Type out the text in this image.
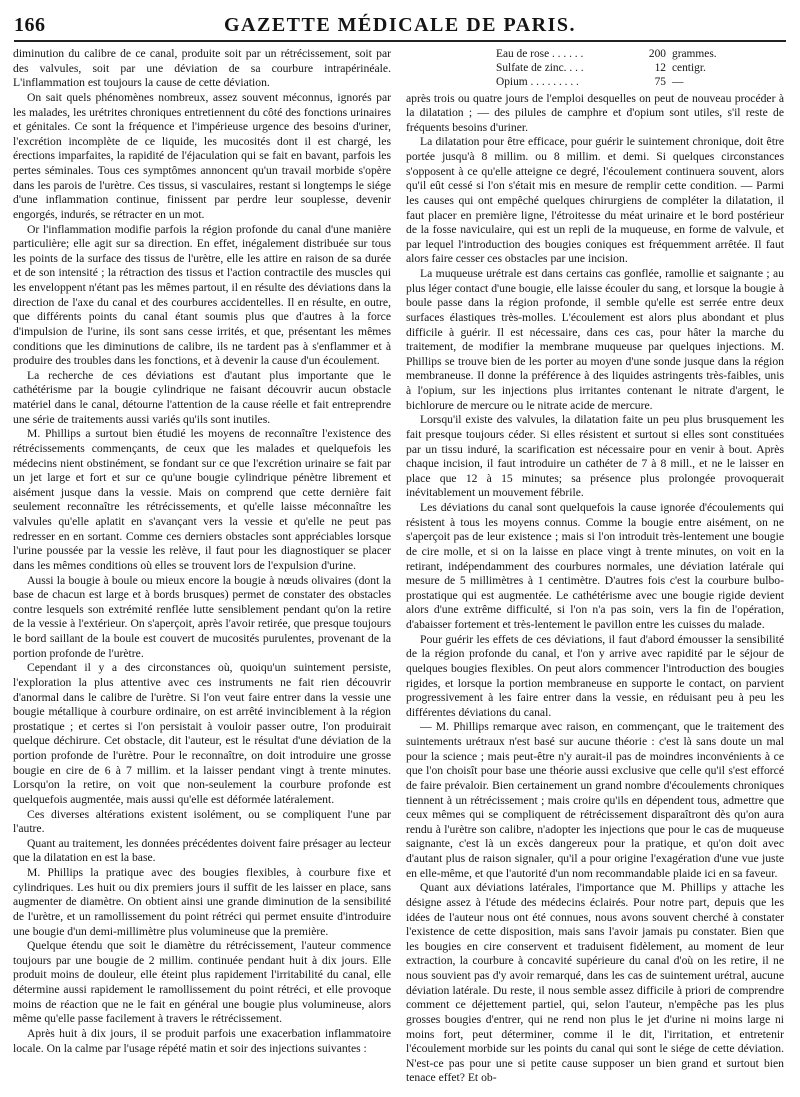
166	GAZETTE MÉDICALE DE PARIS.

diminution du calibre de ce canal, produite soit par un rétrécissement, soit par des valvules, soit par une déviation de sa courbure intrapérinéale. L'inflammation est toujours la cause de cette déviation.

On sait quels phénomènes nombreux, assez souvent méconnus, ignorés par les malades, les urétrites chroniques entretiennent du côté des fonctions urinaires et génitales. Ce sont la fréquence et l'impérieuse urgence des besoins d'uriner, l'excrétion incomplète de ce liquide, les mucosités dont il est chargé, les érections imparfaites, la rapidité de l'éjaculation qui se fait en bavant, parfois les pertes séminales. Tous ces symptômes annoncent qu'un travail morbide s'opère dans les parois de l'urètre. Ces tissus, si vasculaires, restant si longtemps le siége d'une inflammation continue, finissent par perdre leur souplesse, devenir engorgés, indurés, se rétracter en un mot.

Or l'inflammation modifie parfois la région profonde du canal d'une manière particulière; elle agit sur sa direction. En effet, inégalement distribuée sur tous les points de la surface des tissus de l'urètre, elle les attire en raison de sa durée et de son intensité ; la rétraction des tissus et l'action contractile des muscles qui les enveloppent n'étant pas les mêmes partout, il en résulte des déviations dans la direction de l'axe du canal et des courbures accidentelles. Il en résulte, en outre, que différents points du canal étant soumis plus que d'autres à la force d'impulsion de l'urine, ils sont sans cesse irrités, et que, présentant les mêmes conditions que les diminutions de calibre, ils ne tardent pas à s'enflammer et à produire des troubles dans les fonctions, et à devenir la cause d'un écoulement.

La recherche de ces déviations est d'autant plus importante que le cathétérisme par la bougie cylindrique ne faisant découvrir aucun obstacle matériel dans le canal, détourne l'attention de la cause réelle et fait entreprendre une série de traitements aussi variés qu'ils sont inutiles.

M. Phillips a surtout bien étudié les moyens de reconnaître l'existence des rétrécissements commençants, de ceux que les malades et quelquefois les médecins nient obstinément, se fondant sur ce que l'excrétion urinaire se fait par un jet large et fort et sur ce qu'une bougie cylindrique pénètre librement et aisément jusque dans la vessie. Mais on comprend que cette dernière fait seulement reconnaître les rétrécissements, et qu'elle laisse méconnaître les valvules qu'elle aplatit en s'avançant vers la vessie et qu'elle ne peut pas redresser en en sortant. Comme ces derniers obstacles sont appréciables lorsque l'urine poussée par la vessie les relève, il faut pour les diagnostiquer se placer dans les mêmes conditions où elles se trouvent lors de l'expulsion d'urine.

Aussi la bougie à boule ou mieux encore la bougie à nœuds olivaires (dont la base de chacun est large et à bords brusques) permet de constater des obstacles contre lesquels son extrémité renflée lutte sensiblement pendant qu'on la retire de la vessie à l'extérieur. On s'aperçoit, après l'avoir retirée, que presque toujours le bord saillant de la boule est couvert de mucosités purulentes, provenant de la portion profonde de l'urètre.

Cependant il y a des circonstances où, quoiqu'un suintement persiste, l'exploration la plus attentive avec ces instruments ne fait rien découvrir d'anormal dans le calibre de l'urètre. Si l'on veut faire entrer dans la vessie une bougie métallique à courbure ordinaire, on est arrêté invinciblement à la région prostatique ; et certes si l'on persistait à vouloir passer outre, l'on produirait quelque déchirure. Cet obstacle, dit l'auteur, est le résultat d'une déviation de la portion profonde de l'urètre. Pour le reconnaître, on doit introduire une grosse bougie en cire de 6 à 7 millim. et la laisser pendant vingt à trente minutes. Lorsqu'on la retire, on voit que non-seulement la courbure profonde est quelquefois augmentée, mais aussi qu'elle est déformée latéralement.

Ces diverses altérations existent isolément, ou se compliquent l'une par l'autre.

Quant au traitement, les données précédentes doivent faire présager au lecteur que la dilatation en est la base.

M. Phillips la pratique avec des bougies flexibles, à courbure fixe et cylindriques. Les huit ou dix premiers jours il suffit de les laisser en place, sans augmenter de diamètre. On obtient ainsi une grande diminution de la sensibilité de l'urètre, et un ramollissement du point rétréci qui permet ensuite d'introduire une bougie d'un demi-millimètre plus volumineuse que la première.

Quelque étendu que soit le diamètre du rétrécissement, l'auteur commence toujours par une bougie de 2 millim. continuée pendant huit à dix jours. Elle produit moins de douleur, elle éteint plus rapidement l'irritabilité du canal, elle détermine aussi rapidement le ramollissement du point rétréci, et elle provoque moins de réaction que ne le fait en général une bougie plus volumineuse, alors même qu'elle passe facilement à travers le rétrécissement.

Après huit à dix jours, il se produit parfois une exacerbation inflammatoire locale. On la calme par l'usage répété matin et soir des injections suivantes :

Eau de rose . . . . . .	200 grammes.
Sulfate de zinc. . . .	12 centigr.
Opium . . . . . . . . .	75 —

après trois ou quatre jours de l'emploi desquelles on peut de nouveau procéder à la dilatation ; — des pilules de camphre et d'opium sont utiles, s'il reste de fréquents besoins d'uriner.

La dilatation pour être efficace, pour guérir le suintement chronique, doit être portée jusqu'à 8 millim. ou 8 millim. et demi. Si quelques circonstances s'opposent à ce qu'elle atteigne ce degré, l'écoulement continuera souvent, alors qu'il eût cessé si l'on s'était mis en mesure de remplir cette condition. — Parmi les causes qui ont empêché quelques chirurgiens de compléter la dilatation, il faut placer en première ligne, l'étroitesse du méat urinaire et le bord postérieur de la fosse naviculaire, qui est un repli de la muqueuse, en forme de valvule, et par lequel l'introduction des bougies coniques est fréquemment arrêtée. Il faut alors faire cesser ces obstacles par une incision.

La muqueuse urétrale est dans certains cas gonflée, ramollie et saignante ; au plus léger contact d'une bougie, elle laisse écouler du sang, et lorsque la bougie à boule passe dans la région profonde, il semble qu'elle est serrée entre deux surfaces élastiques très-molles. L'écoulement est alors plus abondant et plus difficile à guérir. Il est nécessaire, dans ces cas, pour hâter la marche du traitement, de modifier la membrane muqueuse par quelques injections. M. Phillips se trouve bien de les porter au moyen d'une sonde jusque dans la région membraneuse. Il donne la préférence à des liquides astringents très-faibles, unis à l'opium, sur les injections plus irritantes contenant le nitrate d'argent, le bichlorure de mercure ou le nitrate acide de mercure.

Lorsqu'il existe des valvules, la dilatation faite un peu plus brusquement les fait presque toujours céder. Si elles résistent et surtout si elles sont constituées par un tissu induré, la scarification est nécessaire pour en venir à bout. Après chaque incision, il faut introduire un cathéter de 7 à 8 mill., et ne le laisser en place que 12 à 15 minutes; sa présence plus prolongée provoquerait inévitablement un mouvement fébrile.

Les déviations du canal sont quelquefois la cause ignorée d'écoulements qui résistent à tous les moyens connus. Comme la bougie entre aisément, on ne s'aperçoit pas de leur existence ; mais si l'on introduit très-lentement une bougie de cire molle, et si on la laisse en place vingt à trente minutes, on voit en la retirant, indépendamment des courbures normales, une déviation latérale qui mesure de 5 millimètres à 1 centimètre. D'autres fois c'est la courbure bulbo-prostatique qui est augmentée. Le cathétérisme avec une bougie rigide devient alors d'une extrême difficulté, si l'on n'a pas soin, vers la fin de l'opération, d'abaisser fortement et très-lentement le pavillon entre les cuisses du malade.

Pour guérir les effets de ces déviations, il faut d'abord émousser la sensibilité de la région profonde du canal, et l'on y arrive avec rapidité par le séjour de quelques bougies flexibles. On peut alors commencer l'introduction des bougies rigides, et lorsque la portion membraneuse en supporte le contact, on parvient progressivement à les faire entrer dans la vessie, en réduisant peu à peu les différentes déviations du canal.

— M. Phillips remarque avec raison, en commençant, que le traitement des suintements urétraux n'est basé sur aucune théorie : c'est là sans doute un mal pour la science ; mais peut-être n'y aurait-il pas de moindres inconvénients à ce que l'on choisît pour base une théorie aussi exclusive que celle qu'il s'est efforcé de faire prévaloir. Bien certainement un grand nombre d'écoulements chroniques tiennent à un rétrécissement ; mais croire qu'ils en dépendent tous, admettre que ceux mêmes qui se compliquent de rétrécissement disparaîtront dès qu'on aura rendu à l'urètre son calibre, n'adopter les injections que pour le cas de muqueuse saignante, c'est là un excès dangereux pour la pratique, et qu'on doit avec d'autant plus de raison signaler, qu'il a pour origine l'exagération d'une vue juste en elle-même, et que l'autorité d'un nom recommandable plaide ici en sa faveur.

Quant aux déviations latérales, l'importance que M. Phillips y attache les désigne assez à l'étude des médecins éclairés. Pour notre part, depuis que les idées de l'auteur nous ont été connues, nous avons souvent cherché à constater l'existence de cette disposition, mais sans l'avoir jamais pu constater. Bien que les bougies en cire conservent et traduisent fidèlement, au moment de leur extraction, la courbure à concavité supérieure du canal d'où on les retire, il ne nous souvient pas d'y avoir remarqué, dans les cas de suintement urétral, aucune déviation latérale. Du reste, il nous semble assez difficile à priori de comprendre comment ce déjettement partiel, qui, selon l'auteur, n'empêche pas les plus grosses bougies d'entrer, qui ne rend non plus le jet d'urine ni moins large ni moins fort, peut déterminer, comme il le dit, l'irritation, et entretenir l'écoulement morbide sur les points du canal qui sont le siége de cette déviation. N'est-ce pas pour une si petite cause supposer un bien grand et surtout bien tenace effet? Et ob-
